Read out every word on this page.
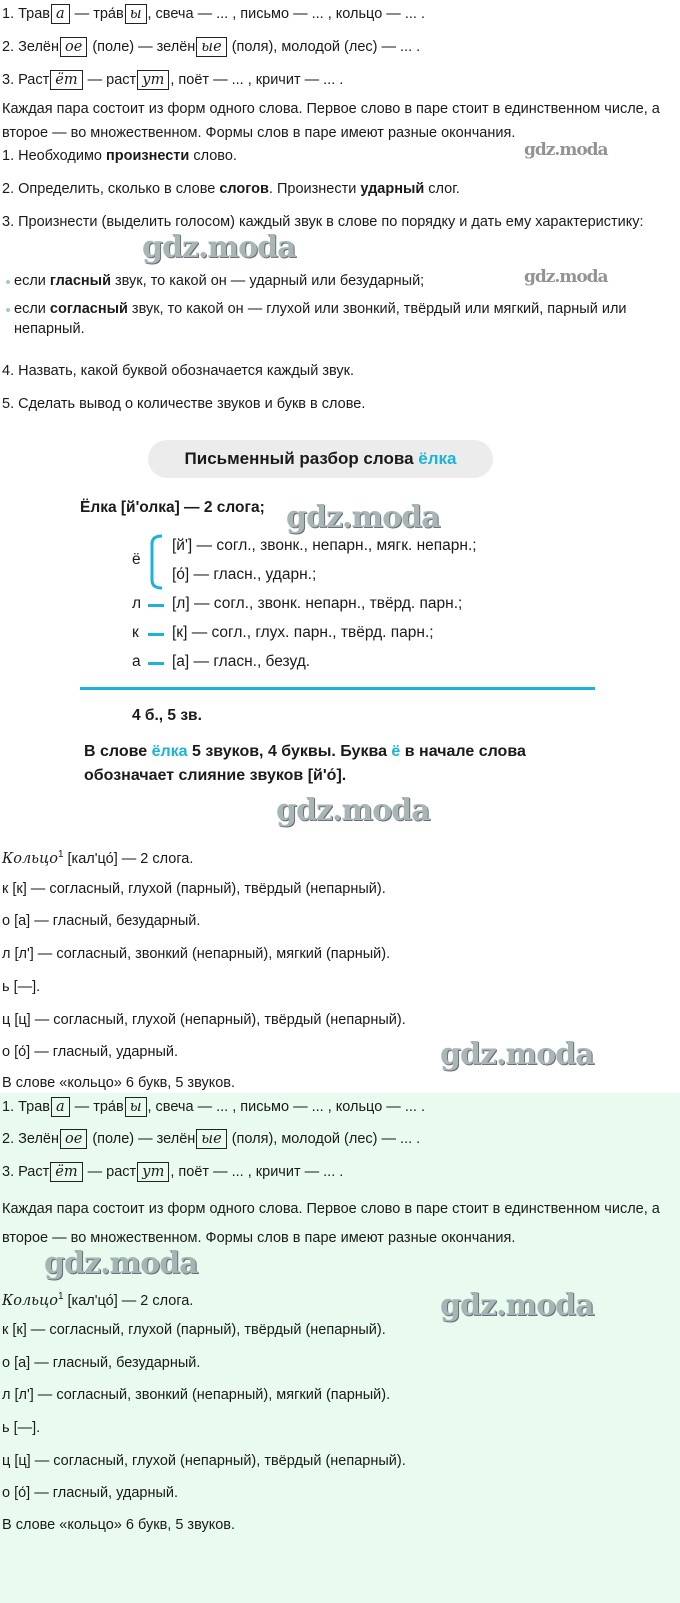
1. Трав а — тра́в ы , свеча — ... , письмо — ... , кольцо — ... .
2. Зелён ое (поле) — зелён ые (поля), молодой (лес) — ... .
3. Раст ёт — раст ут , поёт — ... , кричит — ... .
Каждая пара состоит из форм одного слова. Первое слово в паре стоит в единственном числе, а второе — во множественном. Формы слов в паре имеют разные окончания.
1. Необходимо произнести слово.
2. Определить, сколько в слове слогов. Произнести ударный слог.
3. Произнести (выделить голосом) каждый звук в слове по порядку и дать ему характеристику:
если гласный звук, то какой он — ударный или безударный;
если согласный звук, то какой он — глухой или звонкий, твёрдый или мягкий, парный или непарный.
4. Назвать, какой буквой обозначается каждый звук.
5. Сделать вывод о количестве звуков и букв в слове.
Письменный разбор слова ёлка
Ёлка [й'олка] — 2 слога;
ё
[й'] — согл., звонк., непарн., мягк. непарн.;
[о́] — гласн., ударн.;
л [л] — согл., звонк. непарн., твёрд. парн.;
к [к] — согл., глух. парн., твёрд. парн.;
а [а] — гласн., безуд.
4 б., 5 зв.
В слове ёлка 5 звуков, 4 буквы. Буква ё в начале слова
обозначает слияние звуков [й'о́].
Кольцо$^1$ [кал'цо́] — 2 слога.
к [к] — согласный, глухой (парный), твёрдый (непарный).
о [а] — гласный, безударный.
л [л'] — согласный, звонкий (непарный), мягкий (парный).
ь [—].
ц [ц] — согласный, глухой (непарный), твёрдый (непарный).
о [о́] — гласный, ударный.
В слове «кольцо» 6 букв, 5 звуков.
1. Трав а — тра́в ы , свеча — ... , письмо — ... , кольцо — ... .
2. Зелён ое (поле) — зелён ые (поля), молодой (лес) — ... .
3. Раст ёт — раст ут , поёт — ... , кричит — ... .
Каждая пара состоит из форм одного слова. Первое слово в паре стоит в единственном числе, а второе — во множественном. Формы слов в паре имеют разные окончания.
Кольцо$^1$ [кал'цо́] — 2 слога.
к [к] — согласный, глухой (парный), твёрдый (непарный).
о [а] — гласный, безударный.
л [л'] — согласный, звонкий (непарный), мягкий (парный).
ь [—].
ц [ц] — согласный, глухой (непарный), твёрдый (непарный).
о [о́] — гласный, ударный.
В слове «кольцо» 6 букв, 5 звуков.
gdz.moda
gdz.moda
gdz.moda
gdz.moda
gdz.moda
gdz.moda
gdz.moda
gdz.moda
